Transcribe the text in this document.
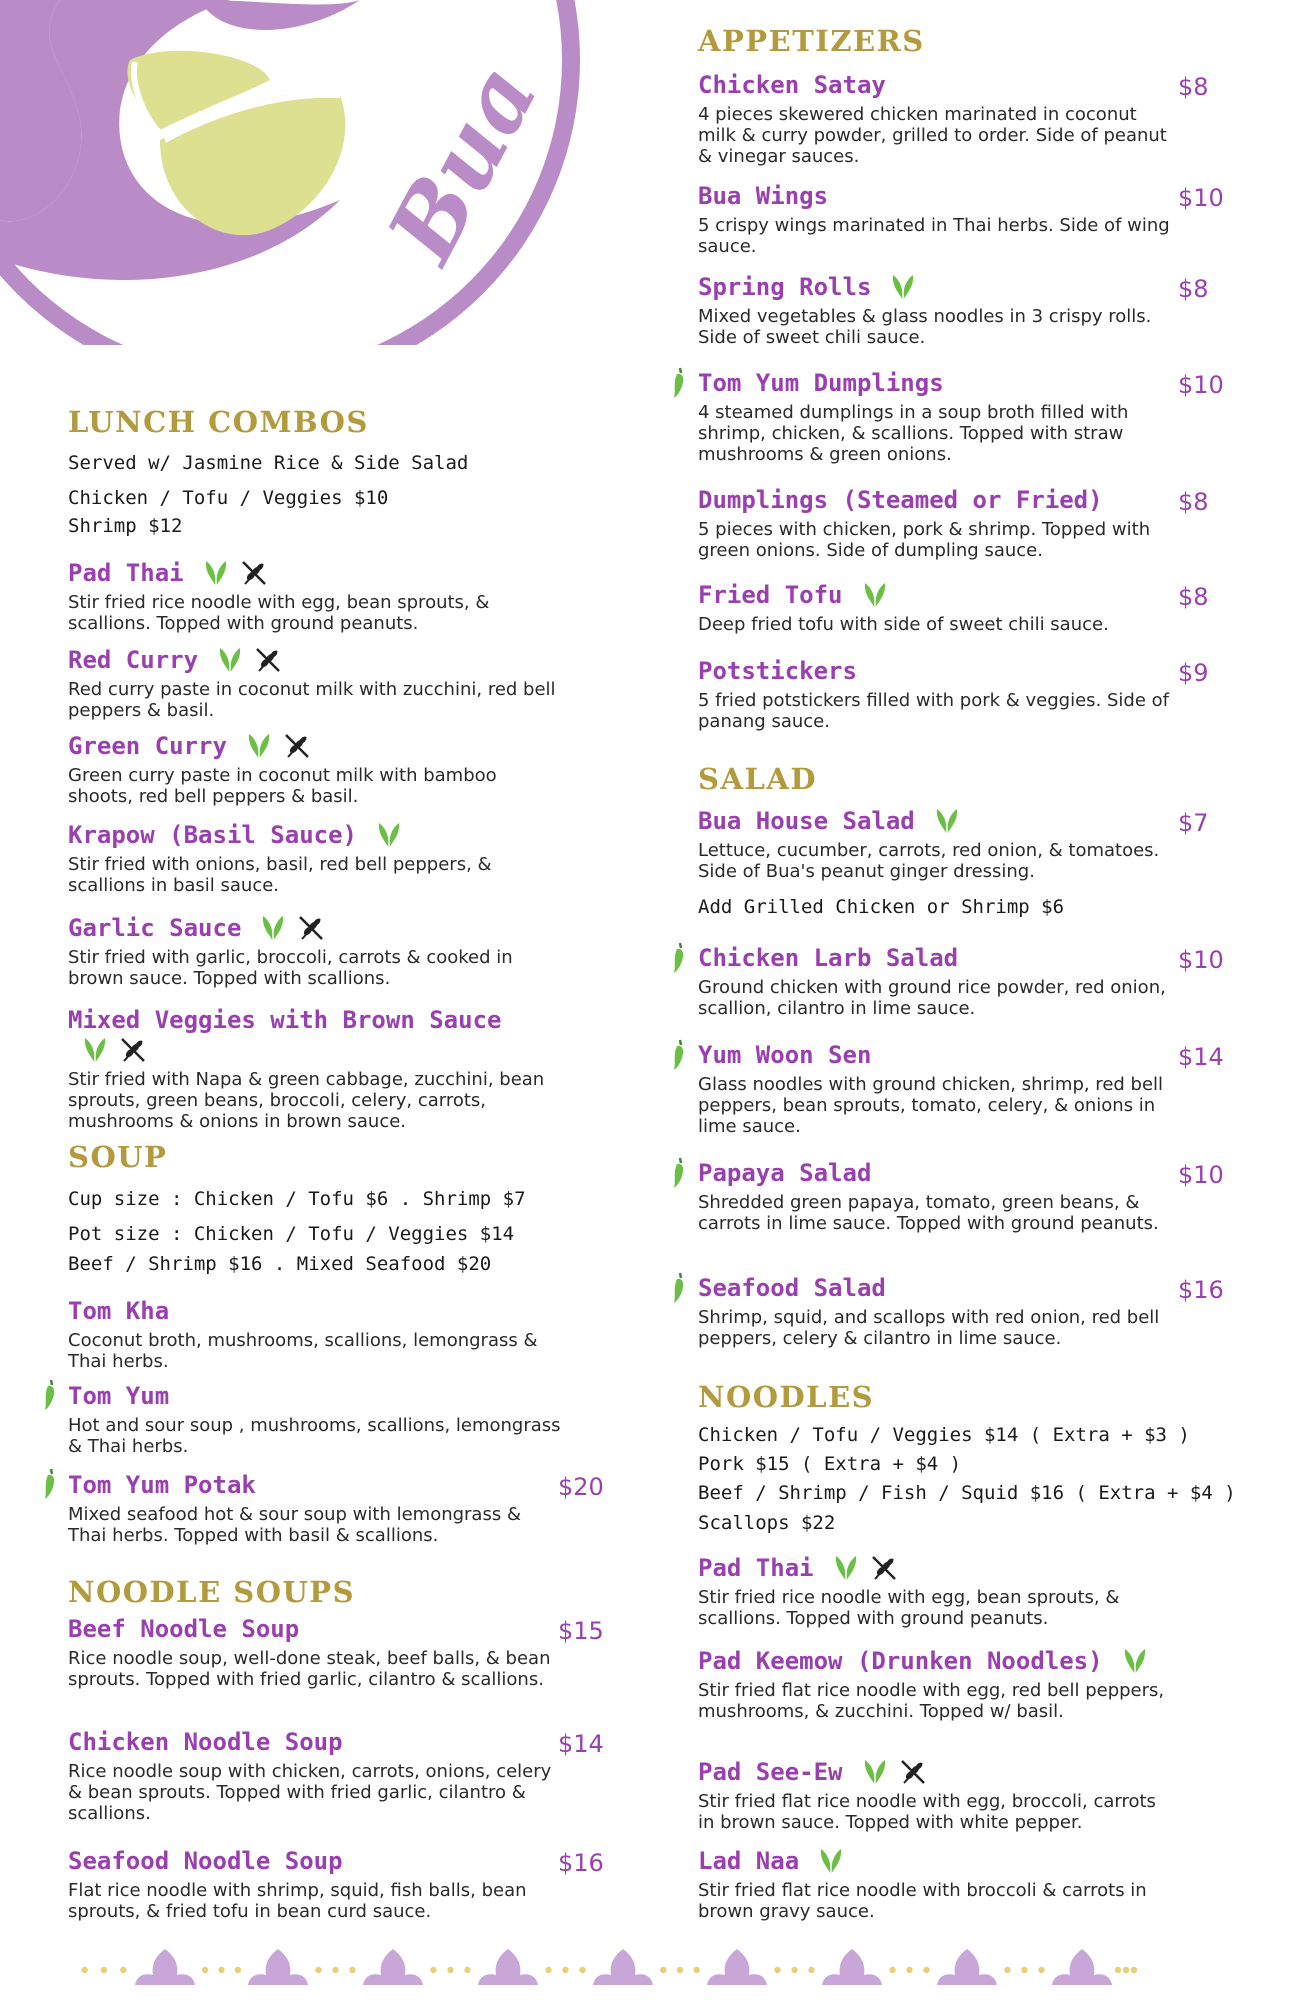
Bua
LUNCH COMBOS
Served w/ Jasmine Rice & Side Salad
Chicken / Tofu / Veggies $10
Shrimp $12
Pad Thai
Stir fried rice noodle with egg, bean sprouts, & scallions. Topped with ground peanuts.
Red Curry
Red curry paste in coconut milk with zucchini, red bell peppers & basil.
Green Curry
Green curry paste in coconut milk with bamboo shoots, red bell peppers & basil.
Krapow (Basil Sauce)
Stir fried with onions, basil, red bell peppers, & scallions in basil sauce.
Garlic Sauce
Stir fried with garlic, broccoli, carrots & cooked in brown sauce. Topped with scallions.
Mixed Veggies with Brown Sauce
Stir fried with Napa & green cabbage, zucchini, bean sprouts, green beans, broccoli, celery, carrots, mushrooms & onions in brown sauce.
SOUP
Cup size : Chicken / Tofu $6 . Shrimp $7
Pot size : Chicken / Tofu / Veggies $14
Beef / Shrimp $16 . Mixed Seafood $20
Tom Kha
Coconut broth, mushrooms, scallions, lemongrass & Thai herbs.
Tom Yum
Hot and sour soup , mushrooms, scallions, lemongrass & Thai herbs.
Tom Yum Potak	$20
Mixed seafood hot & sour soup with lemongrass & Thai herbs. Topped with basil & scallions.
NOODLE SOUPS
Beef Noodle Soup	$15
Rice noodle soup, well-done steak, beef balls, & bean sprouts. Topped with fried garlic, cilantro & scallions.
Chicken Noodle Soup	$14
Rice noodle soup with chicken, carrots, onions, celery & bean sprouts. Topped with fried garlic, cilantro & scallions.
Seafood Noodle Soup	$16
Flat rice noodle with shrimp, squid, fish balls, bean sprouts, & fried tofu in bean curd sauce.
APPETIZERS
Chicken Satay	$8
4 pieces skewered chicken marinated in coconut milk & curry powder, grilled to order. Side of peanut & vinegar sauces.
Bua Wings	$10
5 crispy wings marinated in Thai herbs. Side of wing sauce.
Spring Rolls	$8
Mixed vegetables & glass noodles in 3 crispy rolls. Side of sweet chili sauce.
Tom Yum Dumplings	$10
4 steamed dumplings in a soup broth filled with shrimp, chicken, & scallions. Topped with straw mushrooms & green onions.
Dumplings (Steamed or Fried)	$8
5 pieces with chicken, pork & shrimp. Topped with green onions. Side of dumpling sauce.
Fried Tofu	$8
Deep fried tofu with side of sweet chili sauce.
Potstickers	$9
5 fried potstickers filled with pork & veggies. Side of panang sauce.
SALAD
Bua House Salad	$7
Lettuce, cucumber, carrots, red onion, & tomatoes. Side of Bua's peanut ginger dressing.
Add Grilled Chicken or Shrimp $6
Chicken Larb Salad	$10
Ground chicken with ground rice powder, red onion, scallion, cilantro in lime sauce.
Yum Woon Sen	$14
Glass noodles with ground chicken, shrimp, red bell peppers, bean sprouts, tomato, celery, & onions in lime sauce.
Papaya Salad	$10
Shredded green papaya, tomato, green beans, & carrots in lime sauce. Topped with ground peanuts.
Seafood Salad	$16
Shrimp, squid, and scallops with red onion, red bell peppers, celery & cilantro in lime sauce.
NOODLES
Chicken / Tofu / Veggies $14 ( Extra + $3 )
Pork $15 ( Extra + $4 )
Beef / Shrimp / Fish / Squid $16 ( Extra + $4 )
Scallops $22
Pad Thai
Stir fried rice noodle with egg, bean sprouts, & scallions. Topped with ground peanuts.
Pad Keemow (Drunken Noodles)
Stir fried flat rice noodle with egg, red bell peppers, mushrooms, & zucchini. Topped w/ basil.
Pad See-Ew
Stir fried flat rice noodle with egg, broccoli, carrots in brown sauce. Topped with white pepper.
Lad Naa
Stir fried flat rice noodle with broccoli & carrots in brown gravy sauce.
